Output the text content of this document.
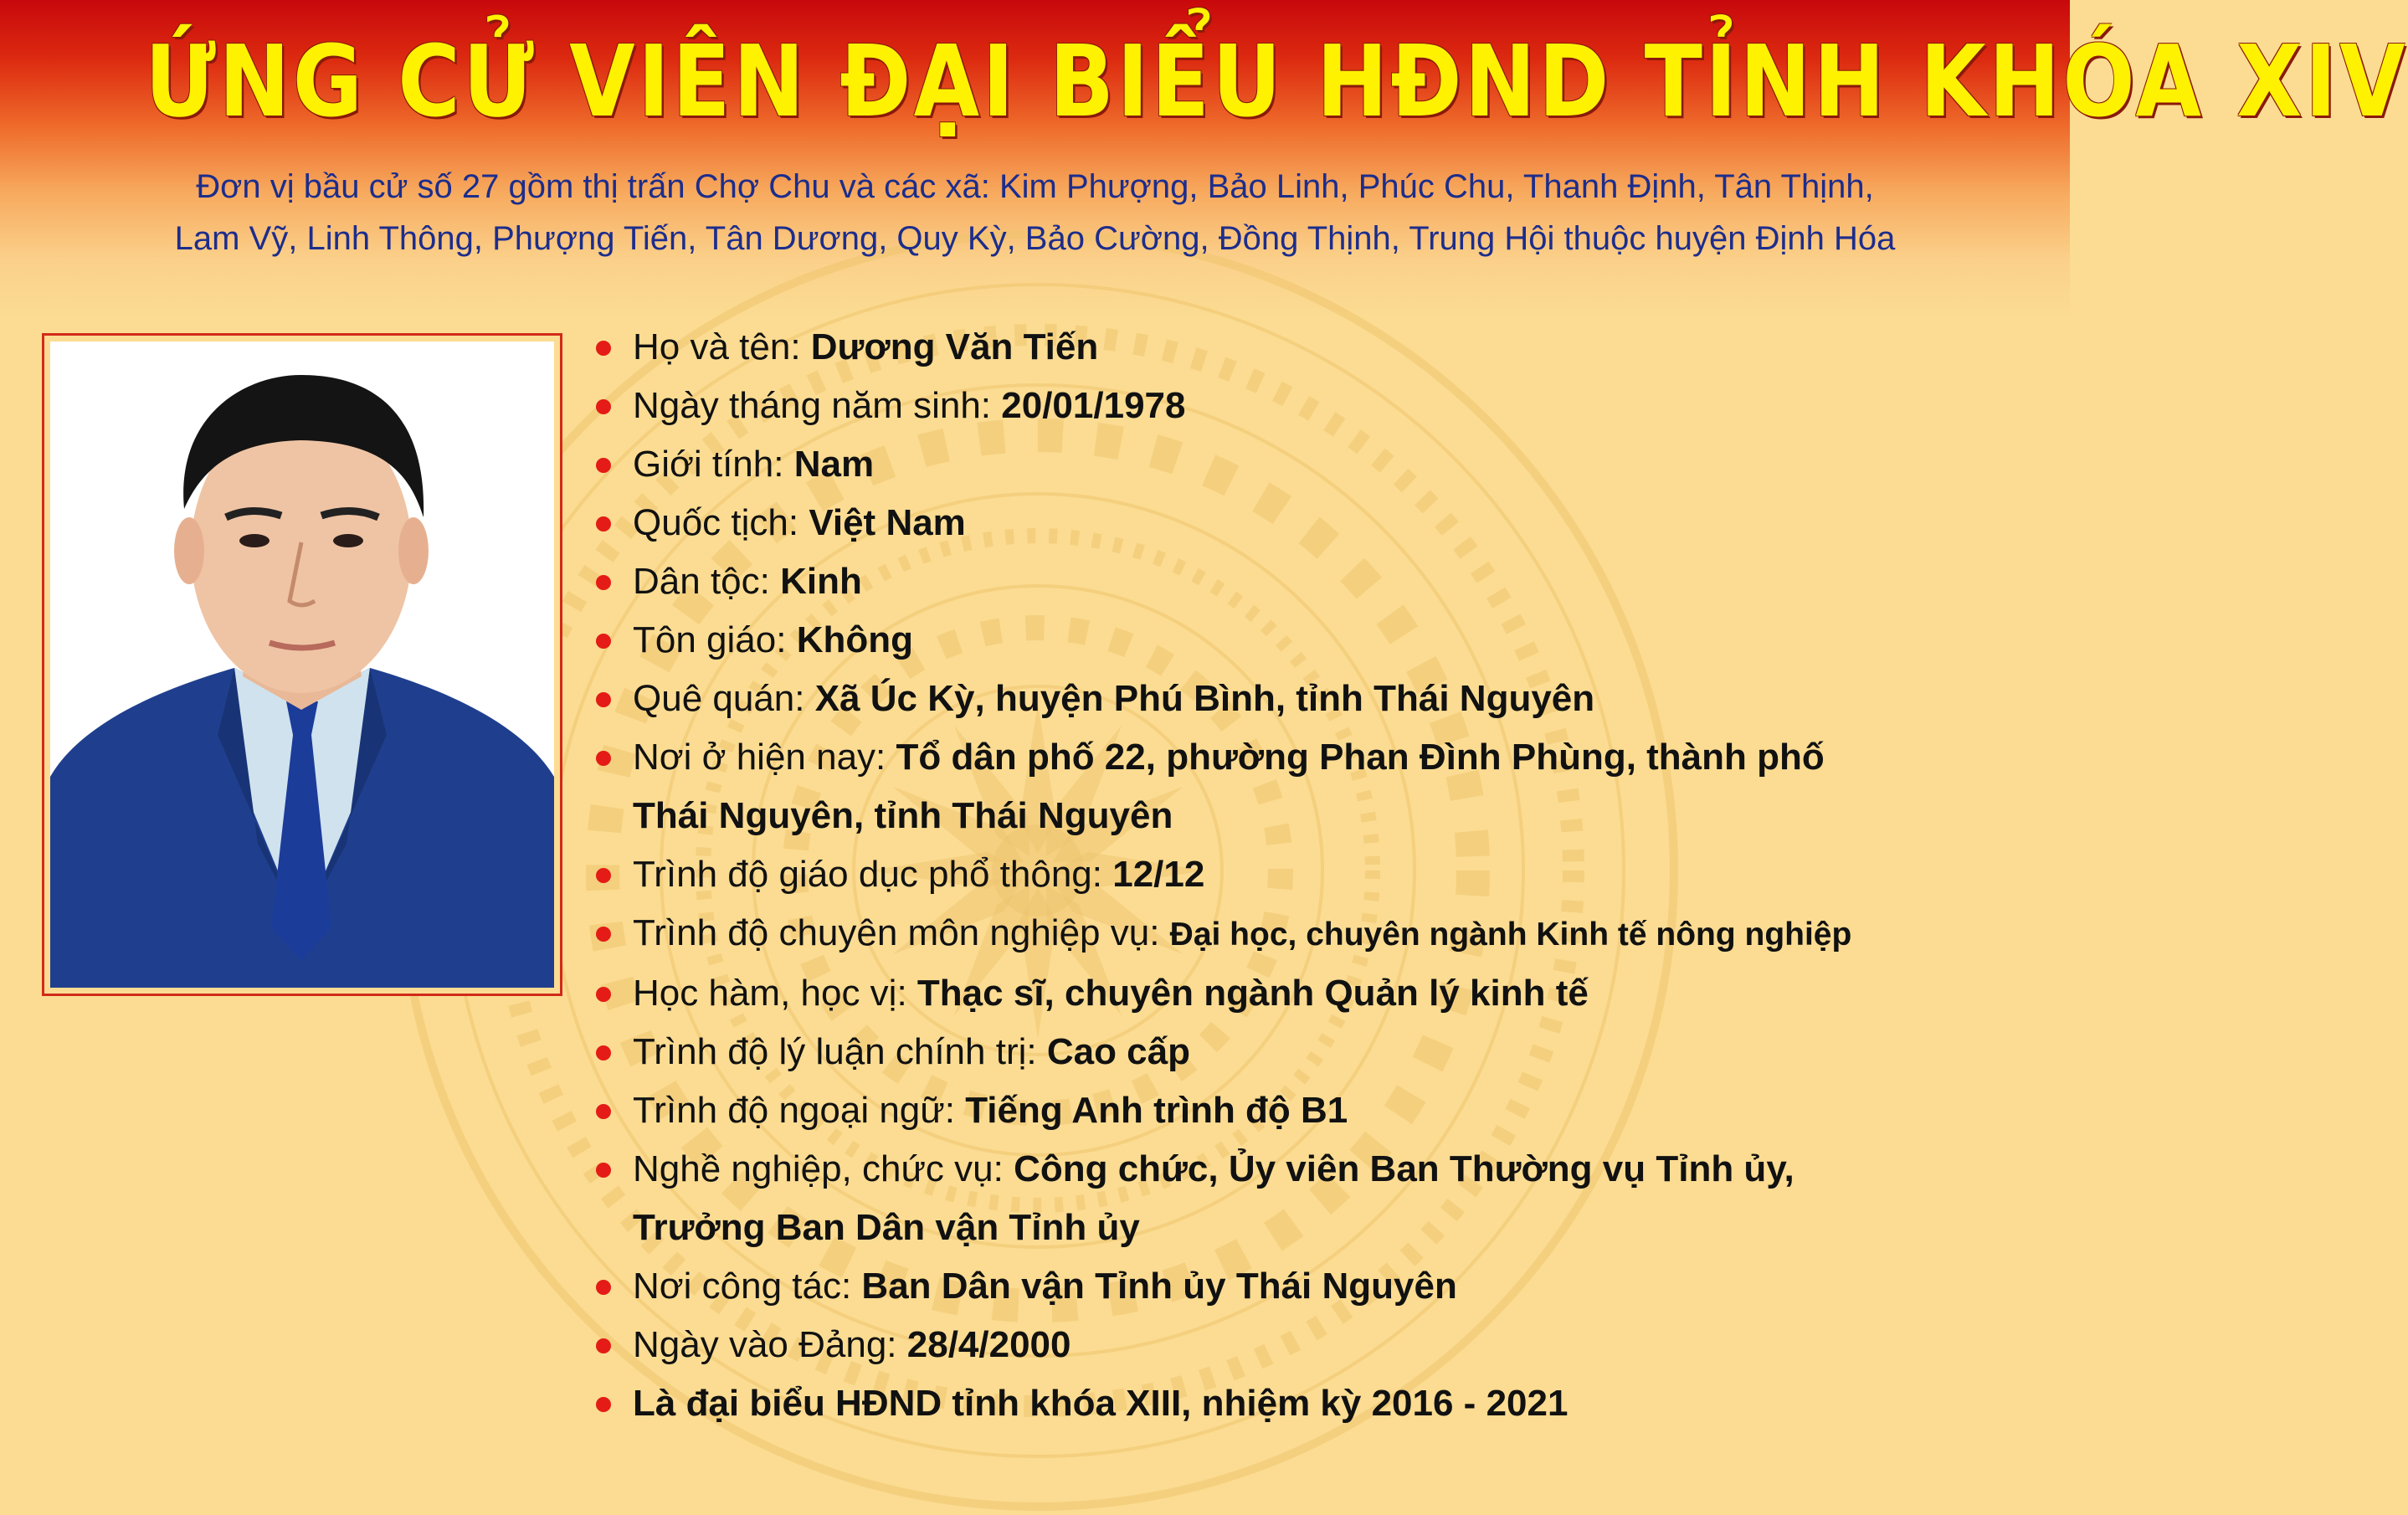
ỨNG CỬ VIÊN ĐẠI BIỂU HĐND TỈNH KHÓA XIV
Đơn vị bầu cử số 27 gồm thị trấn Chợ Chu và các xã: Kim Phượng, Bảo Linh, Phúc Chu, Thanh Định, Tân Thịnh,
Lam Vỹ, Linh Thông, Phượng Tiến, Tân Dương, Quy Kỳ, Bảo Cường, Đồng Thịnh, Trung Hội thuộc huyện Định Hóa
Họ và tên: Dương Văn Tiến
Ngày tháng năm sinh: 20/01/1978
Giới tính: Nam
Quốc tịch: Việt Nam
Dân tộc: Kinh
Tôn giáo: Không
Quê quán: Xã Úc Kỳ, huyện Phú Bình, tỉnh Thái Nguyên
Nơi ở hiện nay: Tổ dân phố 22, phường Phan Đình Phùng, thành phố
Thái Nguyên, tỉnh Thái Nguyên
Trình độ giáo dục phổ thông: 12/12
Trình độ chuyên môn nghiệp vụ: Đại học, chuyên ngành Kinh tế nông nghiệp
Học hàm, học vị: Thạc sĩ, chuyên ngành Quản lý kinh tế
Trình độ lý luận chính trị: Cao cấp
Trình độ ngoại ngữ: Tiếng Anh trình độ B1
Nghề nghiệp, chức vụ: Công chức, Ủy viên Ban Thường vụ Tỉnh ủy,
Trưởng Ban Dân vận Tỉnh ủy
Nơi công tác: Ban Dân vận Tỉnh ủy Thái Nguyên
Ngày vào Đảng: 28/4/2000
Là đại biểu HĐND tỉnh khóa XIII, nhiệm kỳ 2016 - 2021
